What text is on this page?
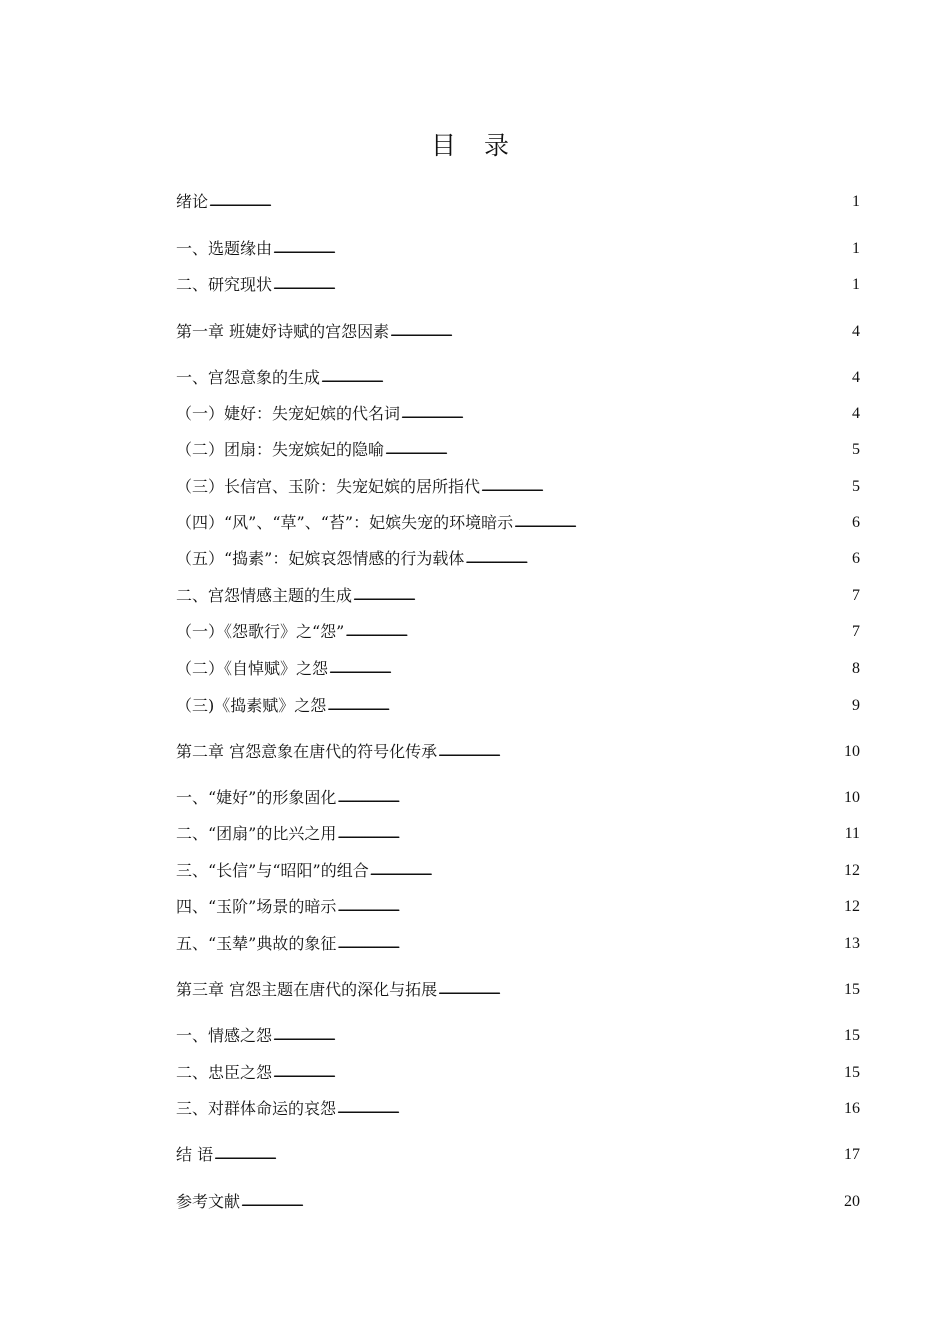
目 录
绪论 . . .	1
一、选题缘由 . . .	1
二、研究现状 . . .	1
第一章 班婕妤诗赋的宫怨因素 . . .	4
一、宫怨意象的生成 . . .	4
（一）婕好：失宠妃嫔的代名词 . . .	4
（二）团扇：失宠嫔妃的隐喻 . . .	5
（三）长信宫、玉阶：失宠妃嫔的居所指代 . . .	5
（四）“风”、“草”、“苔”：妃嫔失宠的环境暗示 . . .	6
（五）“捣素”：妃嫔哀怨情感的行为载体 . . .	6
二、宫怨情感主题的生成 . . .	7
（一）《怨歌行》之“怨” . . .	7
（二）《自悼赋》之怨 . . .	8
（三)《捣素赋》之怨 . . .	9
第二章 宫怨意象在唐代的符号化传承 . . .	10
一、“婕好”的形象固化 . . .	10
二、“团扇”的比兴之用 . . .	11
三、“长信”与“昭阳”的组合 . . .	12
四、“玉阶”场景的暗示 . . .	12
五、“玉辇”典故的象征 . . .	13
第三章 宫怨主题在唐代的深化与拓展 . . .	15
一、情感之怨 . . .	15
二、忠臣之怨 . . .	15
三、对群体命运的哀怨 . . .	16
结 语 . . .	17
参考文献 . . .	20
